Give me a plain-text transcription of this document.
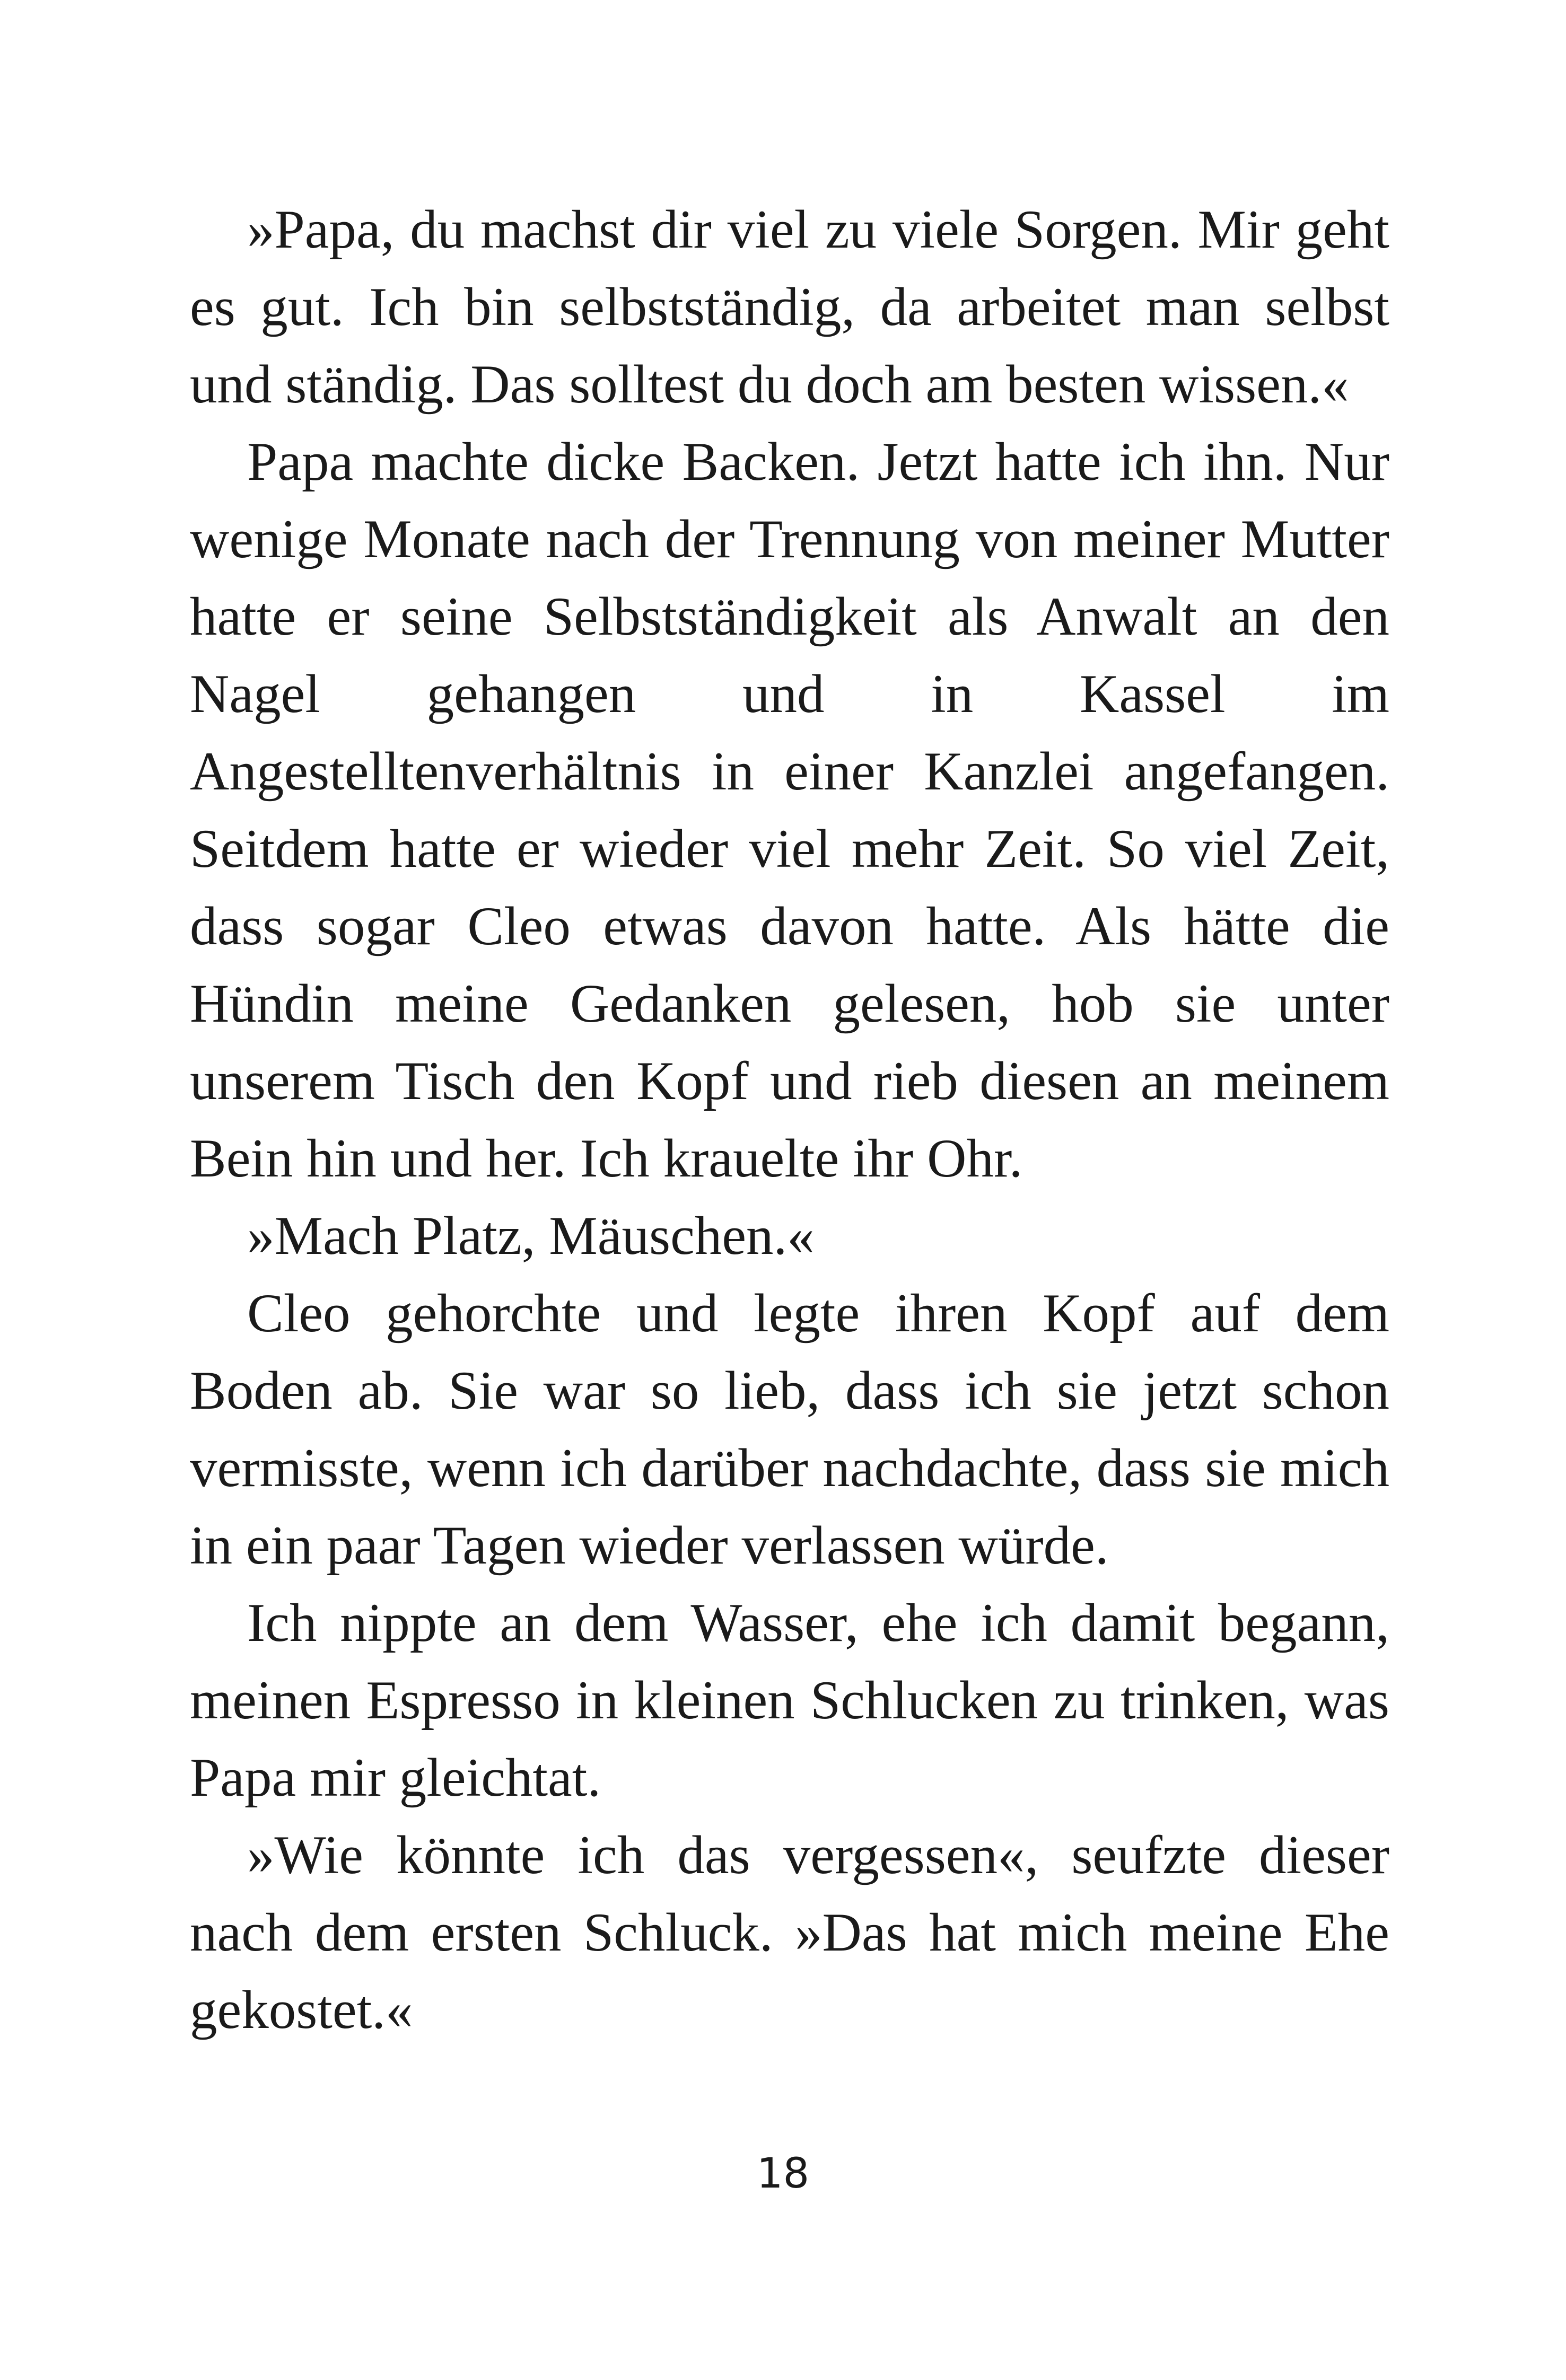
»Papa, du machst dir viel zu viele Sorgen. Mir geht es gut. Ich bin selbstständig, da arbeitet man selbst und ständig. Das solltest du doch am besten wissen.«

Papa machte dicke Backen. Jetzt hatte ich ihn. Nur wenige Monate nach der Trennung von meiner Mutter hatte er seine Selbstständigkeit als Anwalt an den Nagel gehangen und in Kassel im Angestelltenverhältnis in einer Kanzlei angefangen. Seitdem hatte er wieder viel mehr Zeit. So viel Zeit, dass sogar Cleo etwas davon hatte. Als hätte die Hündin meine Gedanken gelesen, hob sie unter unserem Tisch den Kopf und rieb diesen an meinem Bein hin und her. Ich krauelte ihr Ohr.

»Mach Platz, Mäuschen.«

Cleo gehorchte und legte ihren Kopf auf dem Boden ab. Sie war so lieb, dass ich sie jetzt schon vermisste, wenn ich darüber nachdachte, dass sie mich in ein paar Tagen wieder verlassen würde.

Ich nippte an dem Wasser, ehe ich damit begann, meinen Espresso in kleinen Schlucken zu trinken, was Papa mir gleichtat.

»Wie könnte ich das vergessen«, seufzte dieser nach dem ersten Schluck. »Das hat mich meine Ehe gekostet.«

18
